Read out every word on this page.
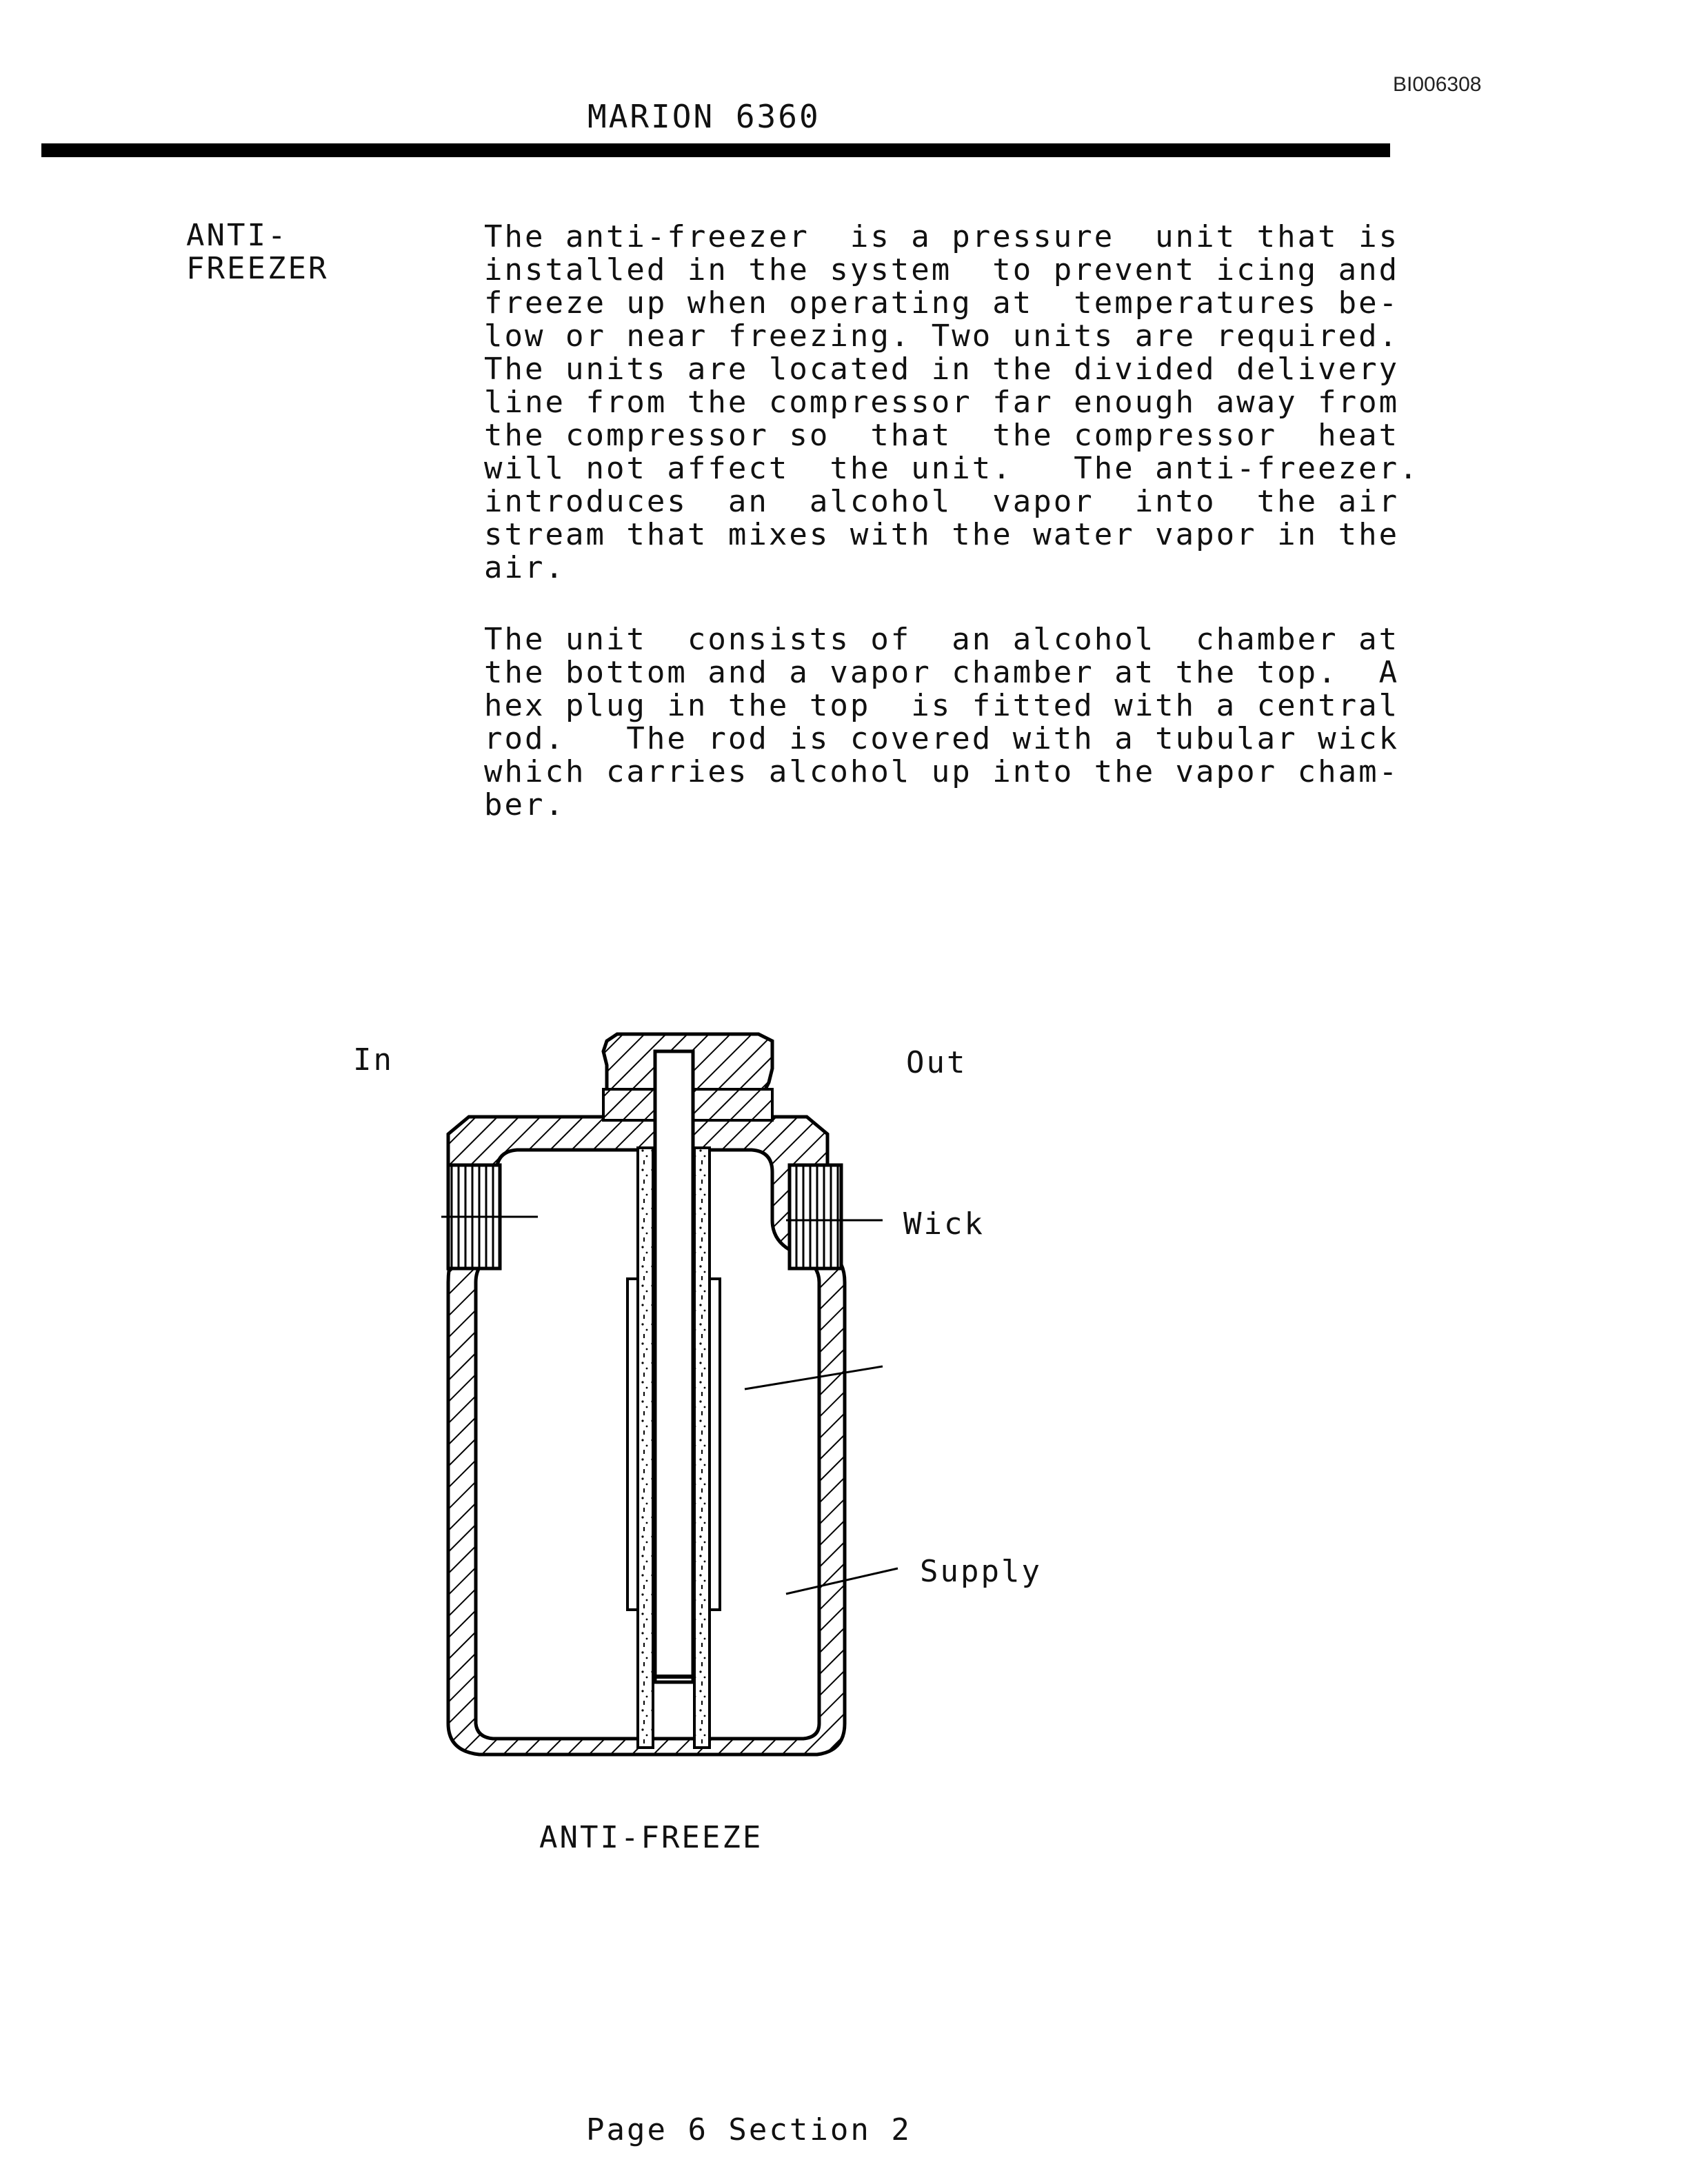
BI006308
MARION 6360
ANTI-
FREEZER
The anti-freezer  is a pressure  unit that is
installed in the system  to prevent icing and
freeze up when operating at  temperatures be-
low or near freezing. Two units are required.
The units are located in the divided delivery
line from the compressor far enough away from
the compressor so  that  the compressor  heat
will not affect  the unit.   The anti-freezer.
introduces  an  alcohol  vapor  into  the air
stream that mixes with the water vapor in the
air.
The unit  consists of  an alcohol  chamber at
the bottom and a vapor chamber at the top.  A
hex plug in the top  is fitted with a central
rod.   The rod is covered with a tubular wick
which carries alcohol up into the vapor cham-
ber.
In	Out
Wick
Supply
ANTI-FREEZE
Page 6 Section 2
